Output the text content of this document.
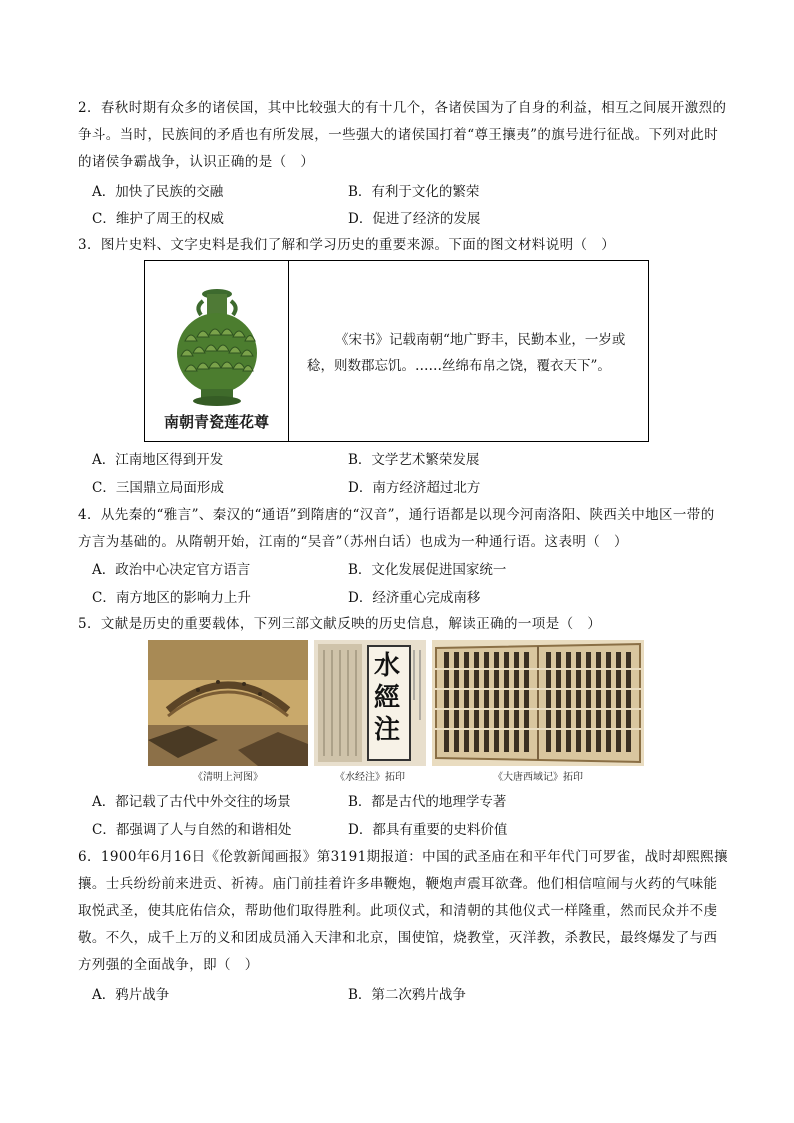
2．春秋时期有众多的诸侯国，其中比较强大的有十几个，各诸侯国为了自身的利益，相互之间展开激烈的争斗。当时，民族间的矛盾也有所发展，一些强大的诸侯国打着“尊王攘夷”的旗号进行征战。下列对此时的诸侯争霸战争，认识正确的是（　）
A．加快了民族的交融	B．有利于文化的繁荣
C．维护了周王的权威	D．促进了经济的发展
3．图片史料、文字史料是我们了解和学习历史的重要来源。下面的图文材料说明（　）
南朝青瓷莲花尊
《宋书》记载南朝“地广野丰，民勤本业，一岁或稔，则数郡忘饥。……丝绵布帛之饶，覆衣天下”。
A．江南地区得到开发	B．文学艺术繁荣发展
C．三国鼎立局面形成	D．南方经济超过北方
4．从先秦的“雅言”、秦汉的“通语”到隋唐的“汉音”，通行语都是以现今河南洛阳、陕西关中地区一带的方言为基础的。从隋朝开始，江南的“吴音”（苏州白话）也成为一种通行语。这表明（　）
A．政治中心决定官方语言	B．文化发展促进国家统一
C．南方地区的影响力上升	D．经济重心完成南移
5．文献是历史的重要载体，下列三部文献反映的历史信息，解读正确的一项是（　）
《清明上河图》
水經注
《水经注》拓印	《大唐西域记》拓印
A．都记载了古代中外交往的场景	B．都是古代的地理学专著
C．都强调了人与自然的和谐相处	D．都具有重要的史料价值
6．1900年6月16日《伦敦新闻画报》第3191期报道：中国的武圣庙在和平年代门可罗雀，战时却熙熙攘攘。士兵纷纷前来进贡、祈祷。庙门前挂着许多串鞭炮，鞭炮声震耳欲聋。他们相信喧闹与火药的气味能取悦武圣，使其庇佑信众，帮助他们取得胜利。此项仪式，和清朝的其他仪式一样隆重，然而民众并不虔敬。不久，成千上万的义和团成员涌入天津和北京，围使馆，烧教堂，灭洋教，杀教民，最终爆发了与西方列强的全面战争，即（　）
A．鸦片战争	B．第二次鸦片战争
